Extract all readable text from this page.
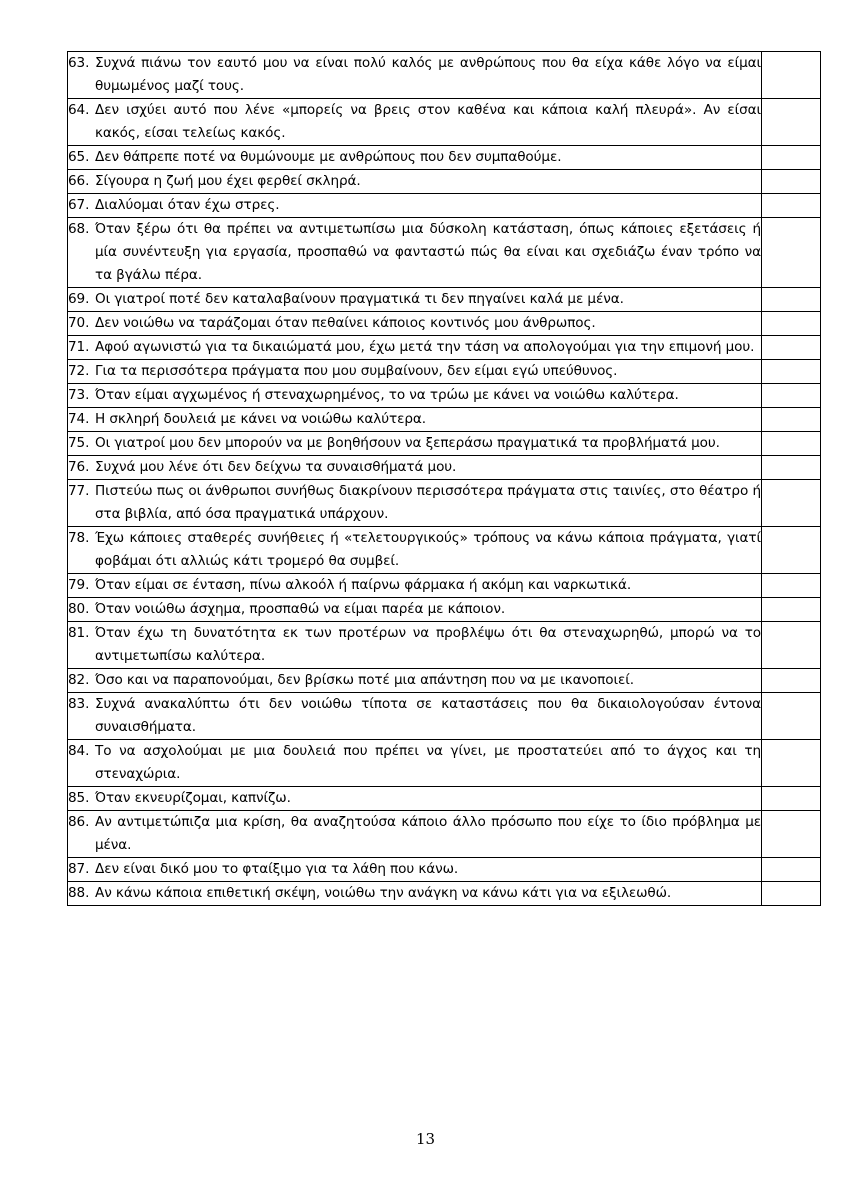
63. Συχνά πιάνω τον εαυτό μου να είναι πολύ καλός με ανθρώπους που θα είχα κάθε λόγο να είμαι θυμωμένος μαζί τους.	

64. Δεν ισχύει αυτό που λένε «μπορείς να βρεις στον καθένα και κάποια καλή πλευρά». Αν είσαι κακός, είσαι τελείως κακός.	

65. Δεν θάπρεπε ποτέ να θυμώνουμε με ανθρώπους που δεν συμπαθούμε.	

66. Σίγουρα η ζωή μου έχει φερθεί σκληρά.	

67. Διαλύομαι όταν έχω στρες.	

68. Όταν ξέρω ότι θα πρέπει να αντιμετωπίσω μια δύσκολη κατάσταση, όπως κάποιες εξετάσεις ή μία συνέντευξη για εργασία, προσπαθώ να φανταστώ πώς θα είναι και σχεδιάζω έναν τρόπο να τα βγάλω πέρα.	

69. Οι γιατροί ποτέ δεν καταλαβαίνουν πραγματικά τι δεν πηγαίνει καλά με μένα.	

70. Δεν νοιώθω να ταράζομαι όταν πεθαίνει κάποιος κοντινός μου άνθρωπος.	

71. Αφού αγωνιστώ για τα δικαιώματά μου, έχω μετά την τάση να απολογούμαι για την επιμονή μου.	

72. Για τα περισσότερα πράγματα που μου συμβαίνουν, δεν είμαι εγώ υπεύθυνος.	

73. Όταν είμαι αγχωμένος ή στεναχωρημένος, το να τρώω με κάνει να νοιώθω καλύτερα.	

74. Η σκληρή δουλειά με κάνει να νοιώθω καλύτερα.	

75. Οι γιατροί μου δεν μπορούν να με βοηθήσουν να ξεπεράσω πραγματικά τα προβλήματά μου.	

76. Συχνά μου λένε ότι δεν δείχνω τα συναισθήματά μου.	

77. Πιστεύω πως οι άνθρωποι συνήθως διακρίνουν περισσότερα πράγματα στις ταινίες, στο θέατρο ή στα βιβλία, από όσα πραγματικά υπάρχουν.	

78. Έχω κάποιες σταθερές συνήθειες ή «τελετουργικούς» τρόπους να κάνω κάποια πράγματα, γιατί φοβάμαι ότι αλλιώς κάτι τρομερό θα συμβεί.	

79. Όταν είμαι σε ένταση, πίνω αλκοόλ ή παίρνω φάρμακα ή ακόμη και ναρκωτικά.	

80. Όταν νοιώθω άσχημα, προσπαθώ να είμαι παρέα με κάποιον.	

81. Όταν έχω τη δυνατότητα εκ των προτέρων να προβλέψω ότι θα στεναχωρηθώ, μπορώ να το αντιμετωπίσω καλύτερα.	

82. Όσο και να παραπονούμαι, δεν βρίσκω ποτέ μια απάντηση που να με ικανοποιεί.	

83. Συχνά ανακαλύπτω ότι δεν νοιώθω τίποτα σε καταστάσεις που θα δικαιολογούσαν έντονα συναισθήματα.	

84. Το να ασχολούμαι με μια δουλειά που πρέπει να γίνει, με προστατεύει από το άγχος και τη στεναχώρια.	

85. Όταν εκνευρίζομαι, καπνίζω.	

86. Αν αντιμετώπιζα μια κρίση, θα αναζητούσα κάποιο άλλο πρόσωπο που είχε το ίδιο πρόβλημα με μένα.	

87. Δεν είναι δικό μου το φταίξιμο για τα λάθη που κάνω.	

88. Αν κάνω κάποια επιθετική σκέψη, νοιώθω την ανάγκη να κάνω κάτι για να εξιλεωθώ.	

13
